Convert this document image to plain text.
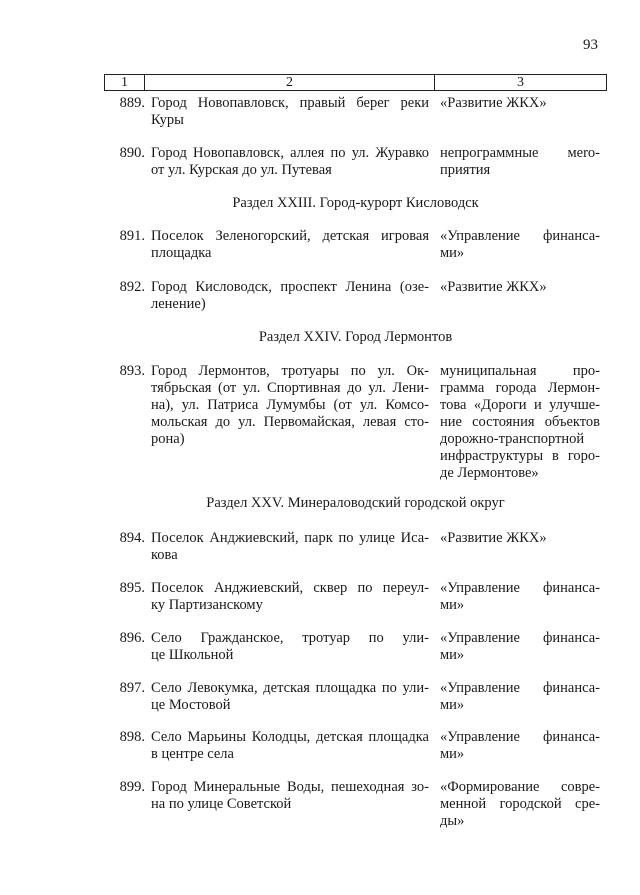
93
1	2	3
889. Город Новопавловск, правый берег реки
Куры
«Развитие ЖКХ»
890. Город Новопавловск, аллея по ул. Журавко
от ул. Курская до ул. Путевая
непрограммные мero-
приятия
Раздел XXIII. Город-курорт Кисловодск
891. Поселок Зеленогорский, детская игровая
площадка
«Управление финанса-
ми»
892. Город Кисловодск, проспект Ленина (озе-
ленение)
«Развитие ЖКХ»
Раздел XXIV. Город Лермонтов
893. Город Лермонтов, тротуары по ул. Ок-
тябрьская (от ул. Спортивная до ул. Лени-
на), ул. Патриса Лумумбы (от ул. Комсо-
мольская до ул. Первомайская, левая сто-
рона)
муниципальная про-
грамма города Лермон-
това «Дороги и улучше-
ние состояния объектов
дорожно-транспортной
инфраструктуры в горо-
де Лермонтове»
Раздел XXV. Минераловодский городской округ
894. Поселок Анджиевский, парк по улице Иса-
кова
«Развитие ЖКХ»
895. Поселок Анджиевский, сквер по переул-
ку Партизанскому
«Управление финанса-
ми»
896. Село Гражданское, тротуар по ули-
це Школьной
«Управление финанса-
ми»
897. Село Левокумка, детская площадка по ули-
це Мостовой
«Управление финанса-
ми»
898. Село Марьины Колодцы, детская площадка
в центре села
«Управление финанса-
ми»
899. Город Минеральные Воды, пешеходная зо-
на по улице Советской
«Формирование совре-
менной городской сре-
ды»
